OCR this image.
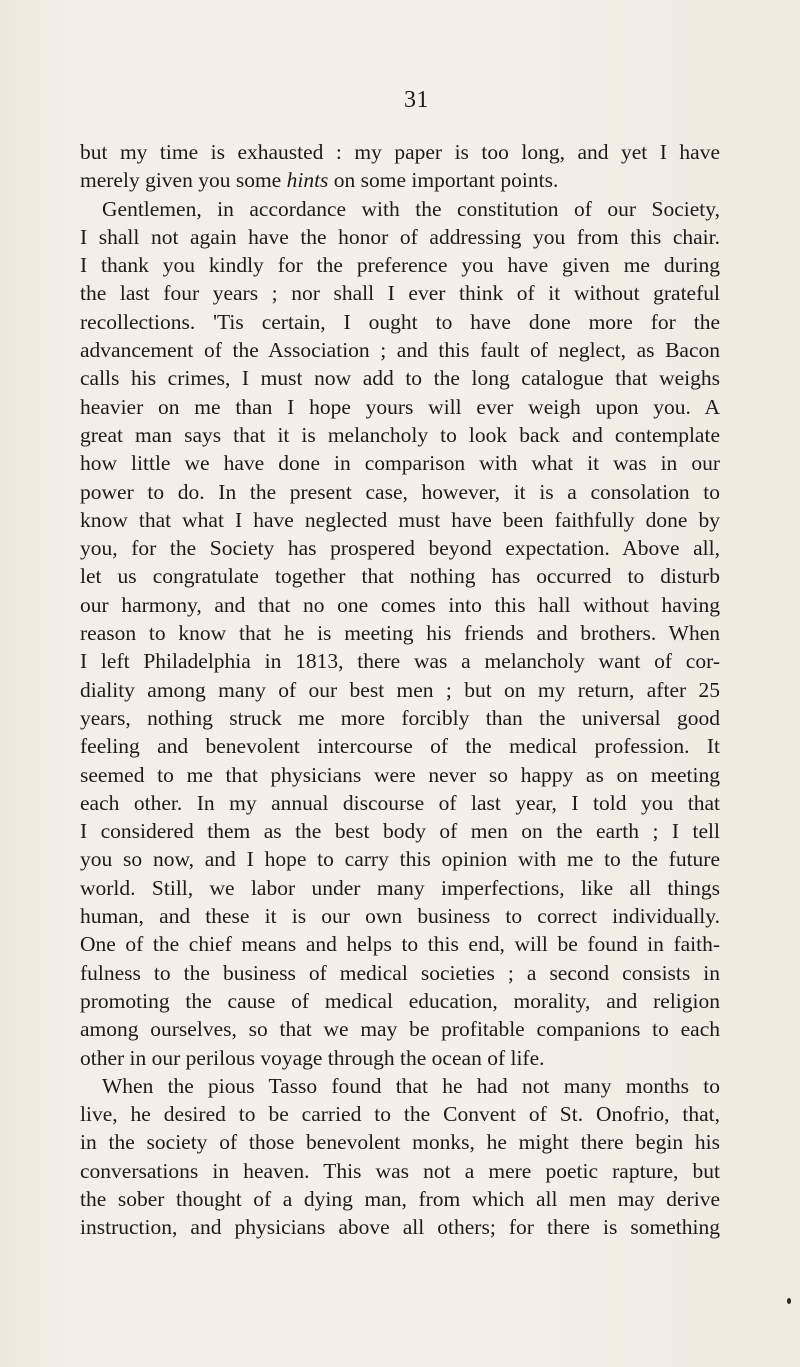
31
but my time is exhausted : my paper is too long, and yet I have
merely given you some hints on some important points.
Gentlemen, in accordance with the constitution of our Society,
I shall not again have the honor of addressing you from this chair.
I thank you kindly for the preference you have given me during
the last four years ; nor shall I ever think of it without grateful
recollections. 'Tis certain, I ought to have done more for the
advancement of the Association ; and this fault of neglect, as Bacon
calls his crimes, I must now add to the long catalogue that weighs
heavier on me than I hope yours will ever weigh upon you. A
great man says that it is melancholy to look back and contemplate
how little we have done in comparison with what it was in our
power to do. In the present case, however, it is a consolation to
know that what I have neglected must have been faithfully done by
you, for the Society has prospered beyond expectation. Above all,
let us congratulate together that nothing has occurred to disturb
our harmony, and that no one comes into this hall without having
reason to know that he is meeting his friends and brothers. When
I left Philadelphia in 1813, there was a melancholy want of cor-
diality among many of our best men ; but on my return, after 25
years, nothing struck me more forcibly than the universal good
feeling and benevolent intercourse of the medical profession. It
seemed to me that physicians were never so happy as on meeting
each other. In my annual discourse of last year, I told you that
I considered them as the best body of men on the earth ; I tell
you so now, and I hope to carry this opinion with me to the future
world. Still, we labor under many imperfections, like all things
human, and these it is our own business to correct individually.
One of the chief means and helps to this end, will be found in faith-
fulness to the business of medical societies ; a second consists in
promoting the cause of medical education, morality, and religion
among ourselves, so that we may be profitable companions to each
other in our perilous voyage through the ocean of life.
When the pious Tasso found that he had not many months to
live, he desired to be carried to the Convent of St. Onofrio, that,
in the society of those benevolent monks, he might there begin his
conversations in heaven. This was not a mere poetic rapture, but
the sober thought of a dying man, from which all men may derive
instruction, and physicians above all others; for there is something
